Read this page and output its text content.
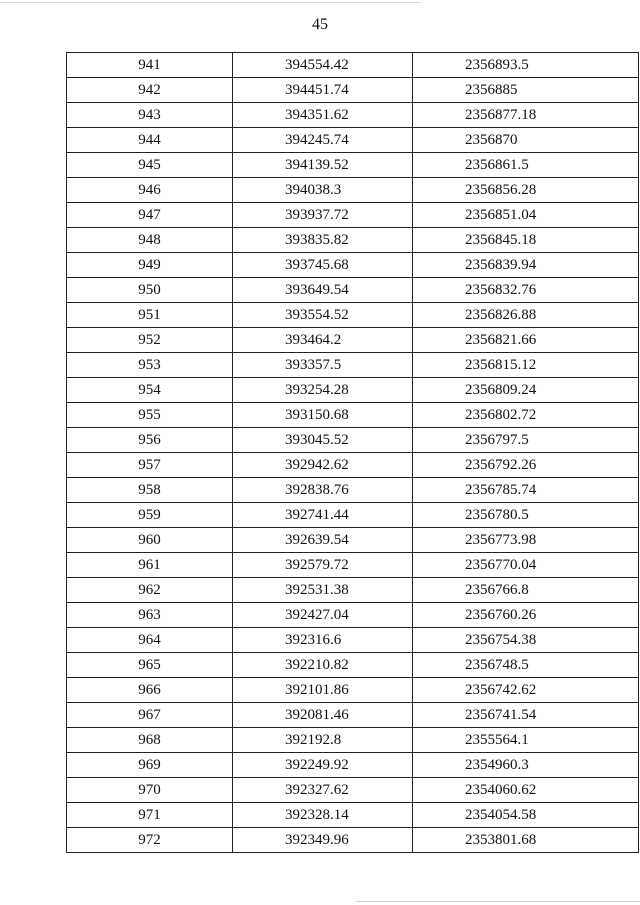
45
941	394554.42	2356893.5
942	394451.74	2356885
943	394351.62	2356877.18
944	394245.74	2356870
945	394139.52	2356861.5
946	394038.3	2356856.28
947	393937.72	2356851.04
948	393835.82	2356845.18
949	393745.68	2356839.94
950	393649.54	2356832.76
951	393554.52	2356826.88
952	393464.2	2356821.66
953	393357.5	2356815.12
954	393254.28	2356809.24
955	393150.68	2356802.72
956	393045.52	2356797.5
957	392942.62	2356792.26
958	392838.76	2356785.74
959	392741.44	2356780.5
960	392639.54	2356773.98
961	392579.72	2356770.04
962	392531.38	2356766.8
963	392427.04	2356760.26
964	392316.6	2356754.38
965	392210.82	2356748.5
966	392101.86	2356742.62
967	392081.46	2356741.54
968	392192.8	2355564.1
969	392249.92	2354960.3
970	392327.62	2354060.62
971	392328.14	2354054.58
972	392349.96	2353801.68
